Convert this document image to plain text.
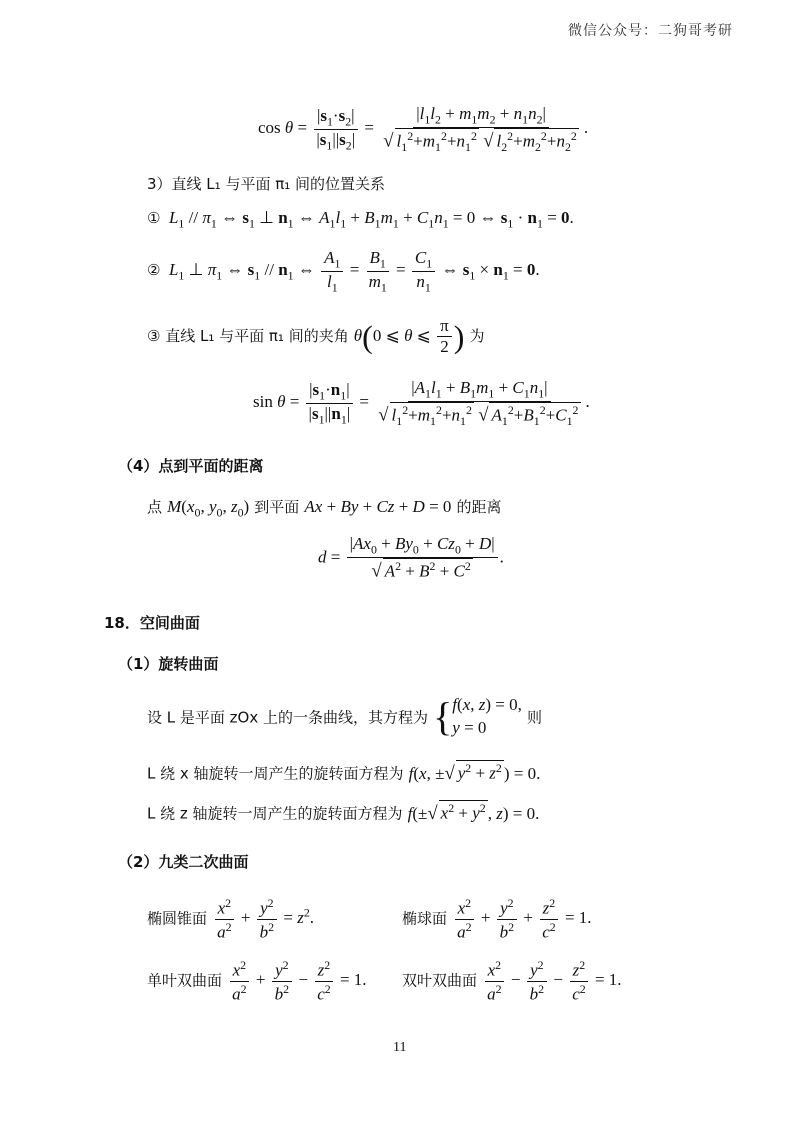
微信公众号：二狗哥考研
$\cos \theta = \frac{|s_1\cdot s_2|}{|s_1||s_2|} = \frac{|l_1l_2 + m_1m_2 + n_1n_2|}{√ l_1^2+m_1^2+n_1^2 √ l_2^2+m_2^2+n_2^2}$ .
3）直线 L₁ 与平面 π₁ 间的位置关系
① $L_1 // \pi_1$ ⇔ $s_1$ ⊥ $n_1$ ⇔ $A_1l_1 + B_1m_1 + C_1n_1 = 0$ ⇔ $s_1 \cdot n_1 = 0$.
② $L_1$ ⊥ $\pi_1$ ⇔ $s_1 // n_1$ ⇔ $\frac{A_1}{l_1} = \frac{B_1}{m_1} = \frac{C_1}{n_1}$ ⇔ $s_1 \times n_1 = 0$.
③ 直线 L₁ 与平面 π₁ 间的夹角 θ(0 ⩽ θ ⩽ $\frac{\pi}{2}$ ) 为
$\sin \theta = \frac{|s_1\cdot n_1|}{|s_1||n_1|} = \frac{|A_1l_1 + B_1m_1 + C_1n_1|}{√ l_1^2+m_1^2+n_1^2 √ A_1^2+B_1^2+C_1^2}$ .
（4）点到平面的距离
点 $M(x_0$, $y_0$, $z_0$) 到平面 Ax + By + Cz + D = 0 的距离
$d = \frac{|Ax_0 + By_0 + Cz_0 + D|}{√ A^2 + B^2 + C^2}$ .
18．空间曲面
（1）旋转曲面
设 L 是平面 zOx 上的一条曲线，其方程为 { f(x, z) = 0,
y = 0
则
L 绕 x 轴旋转一周产生的旋转面方程为 f(x, ±√ $y^2 + z^2$ ) = 0.
L 绕 z 轴旋转一周产生的旋转面方程为 f(±√ $x^2 + y^2$ , z) = 0.
（2）九类二次曲面
椭圆锥面 $\frac{x^2}{a^2} + \frac{y^2}{b^2} = z^2$.	椭球面 $\frac{x^2}{a^2} + \frac{y^2}{b^2} + \frac{z^2}{c^2} = 1$.
单叶双曲面 $\frac{x^2}{a^2} + \frac{y^2}{b^2} - \frac{z^2}{c^2} = 1$. 双叶双曲面 $\frac{x^2}{a^2} - \frac{y^2}{b^2} - \frac{z^2}{c^2} = 1$.
11
